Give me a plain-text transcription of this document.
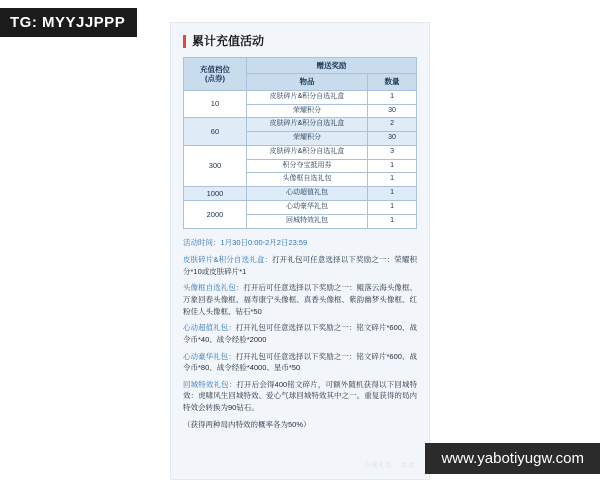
TG: MYYJJPPP
累计充值活动
充值档位
(点券)	赠送奖励	
	物品	数量
10	皮肤碎片&积分自选礼盒	1
	荣耀积分	30
60	皮肤碎片&积分自选礼盒	2
	荣耀积分	30
300	皮肤碎片&积分自选礼盒	3
	积分夺宝抵用券	1
	头像框自选礼包	1
1000	心动超值礼包	1
2000	心动豪华礼包	1
	回城特效礼包	1
活动时间：1月30日0:00-2月2日23:59
皮肤碎片&积分自选礼盒：打开礼包可任意选择以下奖励之一：荣耀积分*10或皮肤碎片*1
头像框自选礼包：打开后可任意选择以下奖励之一：鲲落云海头像框、万象回春头像框、福寿康宁头像框、真香头像框、紫韵幽梦头像框、红粉佳人头像框、钻石*50
心动超值礼包：打开礼包可任意选择以下奖励之一：铭文碎片*600、战令币*40、战令经验*2000
心动豪华礼包：打开礼包可任意选择以下奖励之一：铭文碎片*600、战令币*80、战令经验*4000、星币*50
回城特效礼包：打开后会得400铭文碎片，可额外随机获得以下回城特效：虎啸风生回城特效、爱心气球回城特效其中之一。重复获得的局内特效会转换为90钻石。
（获得两种局内特效的概率各为50%）
自选礼包 · 活动	www.yabotiyugw.com
